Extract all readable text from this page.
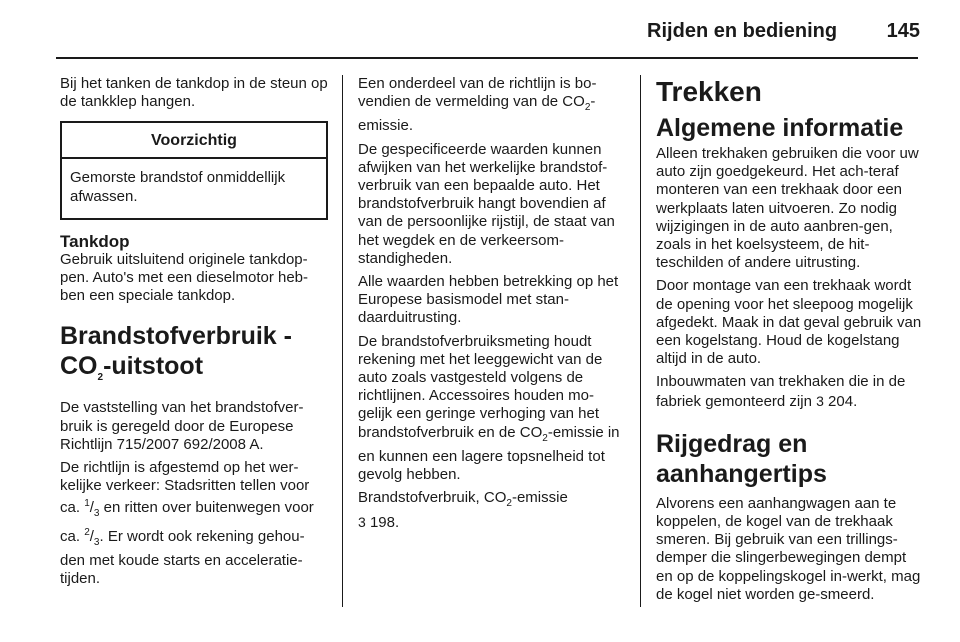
Rijden en bediening 145

Bij het tanken de tankdop in de steun op de tankklep hangen.

Voorzichtig
Gemorste brandstof onmiddellijk afwassen.
Tankdop

Gebruik uitsluitend originele tankdop-pen. Auto's met een dieselmotor heb-ben een speciale tankdop.

Brandstofverbruik -
$CO_2$-uitstoot

De vaststelling van het brandstofver-bruik is geregeld door de Europese Richtlijn 715/2007 692/2008 A.

De richtlijn is afgestemd op het wer-kelijke verkeer: Stadsritten tellen voor ca. $^1/_3$ en ritten over buitenwegen voor ca. $^2/_3$. Er wordt ook rekening gehou-den met koude starts en acceleratie-tijden.

Een onderdeel van de richtlijn is bo-vendien de vermelding van de $CO_2$-emissie.

De gespecificeerde waarden kunnen afwijken van het werkelijke brandstof-verbruik van een bepaalde auto. Het brandstofverbruik hangt bovendien af van de persoonlijke rijstijl, de staat van het wegdek en de verkeersom-standigheden.

Alle waarden hebben betrekking op het Europese basismodel met stan-daarduitrusting.

De brandstofverbruiksmeting houdt rekening met het leeggewicht van de auto zoals vastgesteld volgens de richtlijnen. Accessoires houden mo-gelijk een geringe verhoging van het brandstofverbruik en de $CO_2$-emissie in en kunnen een lagere topsnelheid tot gevolg hebben.

Brandstofverbruik, $CO_2$-emissie
3 198.

Trekken
Algemene informatie

Alleen trekhaken gebruiken die voor uw auto zijn goedgekeurd. Het ach-teraf monteren van een trekhaak door een werkplaats laten uitvoeren. Zo nodig wijzigingen in de auto aanbren-gen, zoals in het koelsysteem, de hit-teschilden of andere uitrusting.

Door montage van een trekhaak wordt de opening voor het sleepoog mogelijk afgedekt. Maak in dat geval gebruik van een kogelstang. Houd de kogelstang altijd in de auto.

Inbouwmaten van trekhaken die in de fabriek gemonteerd zijn 3 204.

Rijgedrag en
aanhangertips

Alvorens een aanhangwagen aan te koppelen, de kogel van de trekhaak smeren. Bij gebruik van een trillings-demper die slingerbewegingen dempt en op de koppelingskogel in-werkt, mag de kogel niet worden ge-smeerd.
